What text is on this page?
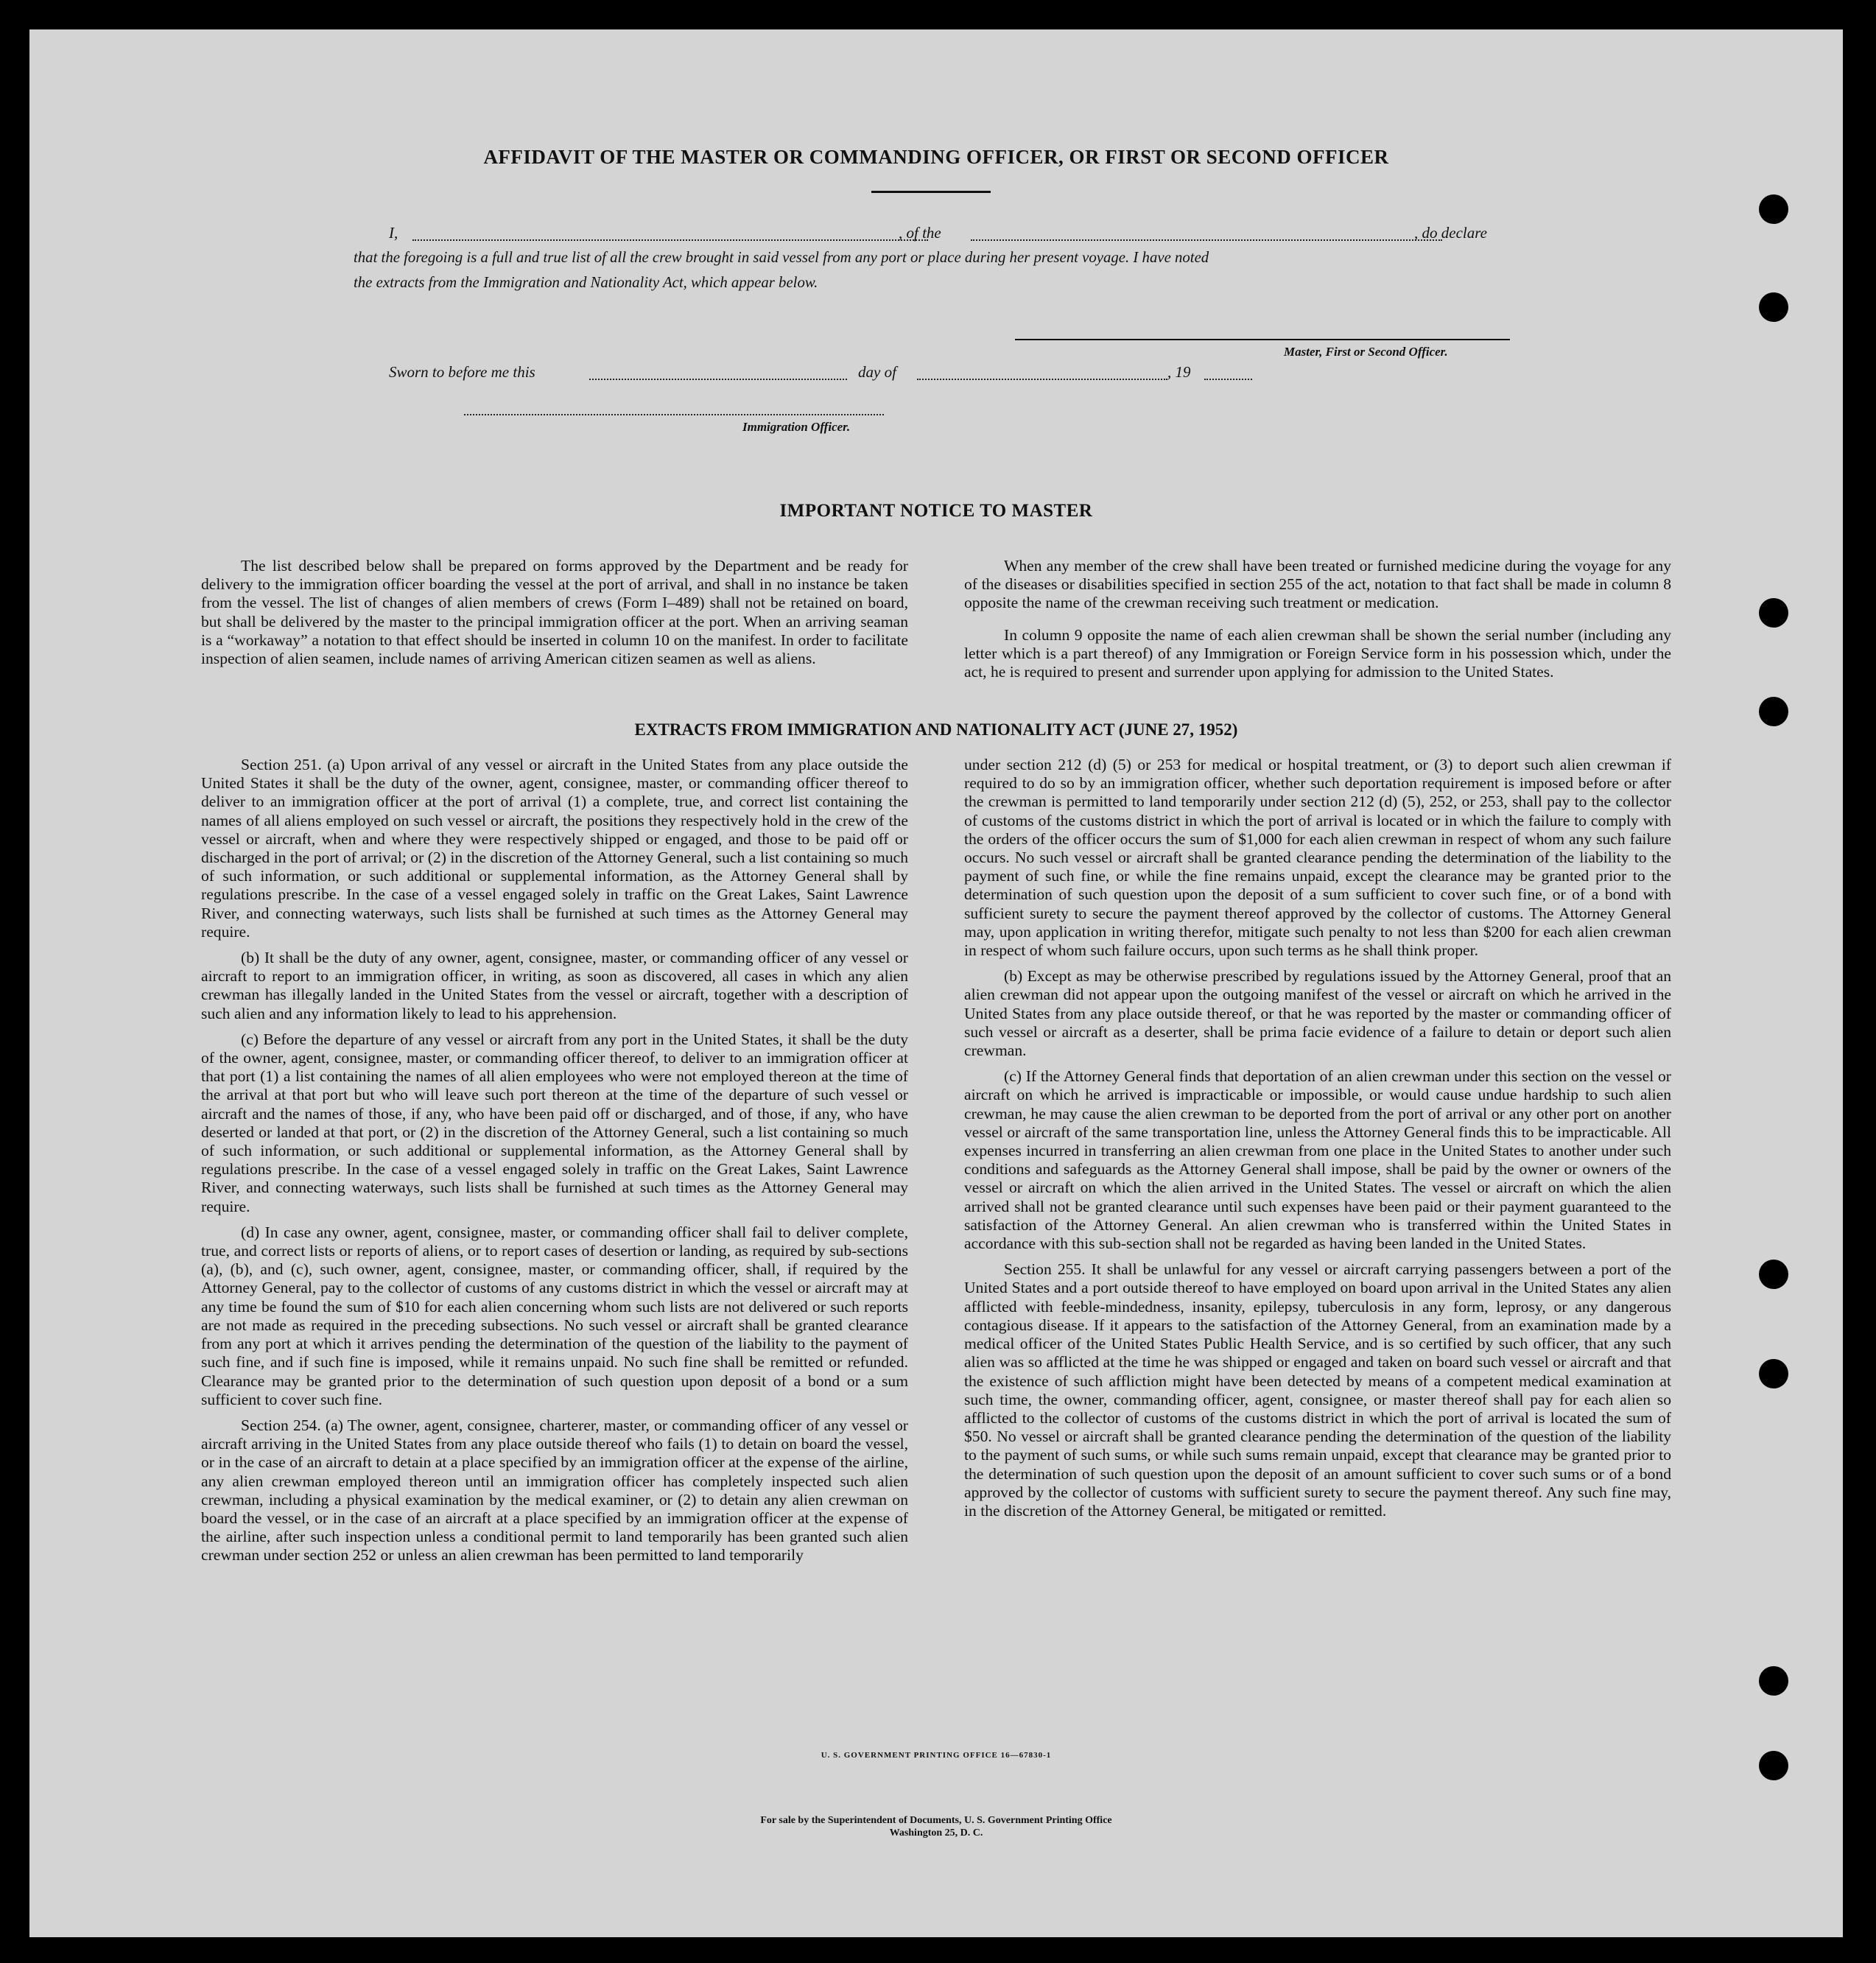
AFFIDAVIT OF THE MASTER OR COMMANDING OFFICER, OR FIRST OR SECOND OFFICER
I,	, of the	, do declare
that the foregoing is a full and true list of all the crew brought in said vessel from any port or place during her present voyage. I have noted
the extracts from the Immigration and Nationality Act, which appear below.
Master, First or Second Officer.
Sworn to before me this	day of	, 19
Immigration Officer.
IMPORTANT NOTICE TO MASTER

The list described below shall be prepared on forms approved by the Department and be ready for delivery to the immigration officer boarding the vessel at the port of arrival, and shall in no instance be taken from the vessel. The list of changes of alien members of crews (Form I–489) shall not be retained on board, but shall be delivered by the master to the principal immigration officer at the port. When an arriving seaman is a “workaway” a notation to that effect should be inserted in column 10 on the manifest. In order to facilitate inspection of alien seamen, include names of arriving American citizen seamen as well as aliens.

When any member of the crew shall have been treated or furnished medicine during the voyage for any of the diseases or disabilities specified in section 255 of the act, notation to that fact shall be made in column 8 opposite the name of the crewman receiving such treatment or medication.

In column 9 opposite the name of each alien crewman shall be shown the serial number (including any letter which is a part thereof) of any Immigration or Foreign Service form in his possession which, under the act, he is required to present and surrender upon applying for admission to the United States.

EXTRACTS FROM IMMIGRATION AND NATIONALITY ACT (JUNE 27, 1952)

Section 251. (a) Upon arrival of any vessel or aircraft in the United States from any place outside the United States it shall be the duty of the owner, agent, consignee, master, or commanding officer thereof to deliver to an immigration officer at the port of arrival (1) a complete, true, and correct list containing the names of all aliens employed on such vessel or aircraft, the positions they respectively hold in the crew of the vessel or aircraft, when and where they were respectively shipped or engaged, and those to be paid off or discharged in the port of arrival; or (2) in the discretion of the Attorney General, such a list containing so much of such information, or such additional or supplemental information, as the Attorney General shall by regulations prescribe. In the case of a vessel engaged solely in traffic on the Great Lakes, Saint Lawrence River, and connecting waterways, such lists shall be furnished at such times as the Attorney General may require.

(b) It shall be the duty of any owner, agent, consignee, master, or commanding officer of any vessel or aircraft to report to an immigration officer, in writing, as soon as discovered, all cases in which any alien crewman has illegally landed in the United States from the vessel or aircraft, together with a description of such alien and any information likely to lead to his apprehension.

(c) Before the departure of any vessel or aircraft from any port in the United States, it shall be the duty of the owner, agent, consignee, master, or commanding officer thereof, to deliver to an immigration officer at that port (1) a list containing the names of all alien employees who were not employed thereon at the time of the arrival at that port but who will leave such port thereon at the time of the departure of such vessel or aircraft and the names of those, if any, who have been paid off or discharged, and of those, if any, who have deserted or landed at that port, or (2) in the discretion of the Attorney General, such a list containing so much of such information, or such additional or supplemental information, as the Attorney General shall by regulations prescribe. In the case of a vessel engaged solely in traffic on the Great Lakes, Saint Lawrence River, and connecting waterways, such lists shall be furnished at such times as the Attorney General may require.

(d) In case any owner, agent, consignee, master, or commanding officer shall fail to deliver complete, true, and correct lists or reports of aliens, or to report cases of desertion or landing, as required by sub-sections (a), (b), and (c), such owner, agent, consignee, master, or commanding officer, shall, if required by the Attorney General, pay to the collector of customs of any customs district in which the vessel or aircraft may at any time be found the sum of $10 for each alien concerning whom such lists are not delivered or such reports are not made as required in the preceding subsections. No such vessel or aircraft shall be granted clearance from any port at which it arrives pending the determination of the question of the liability to the payment of such fine, and if such fine is imposed, while it remains unpaid. No such fine shall be remitted or refunded. Clearance may be granted prior to the determination of such question upon deposit of a bond or a sum sufficient to cover such fine.

Section 254. (a) The owner, agent, consignee, charterer, master, or commanding officer of any vessel or aircraft arriving in the United States from any place outside thereof who fails (1) to detain on board the vessel, or in the case of an aircraft to detain at a place specified by an immigration officer at the expense of the airline, any alien crewman employed thereon until an immigration officer has completely inspected such alien crewman, including a physical examination by the medical examiner, or (2) to detain any alien crewman on board the vessel, or in the case of an aircraft at a place specified by an immigration officer at the expense of the airline, after such inspection unless a conditional permit to land temporarily has been granted such alien crewman under section 252 or unless an alien crewman has been permitted to land temporarily

under section 212 (d) (5) or 253 for medical or hospital treatment, or (3) to deport such alien crewman if required to do so by an immigration officer, whether such deportation requirement is imposed before or after the crewman is permitted to land temporarily under section 212 (d) (5), 252, or 253, shall pay to the collector of customs of the customs district in which the port of arrival is located or in which the failure to comply with the orders of the officer occurs the sum of $1,000 for each alien crewman in respect of whom any such failure occurs. No such vessel or aircraft shall be granted clearance pending the determination of the liability to the payment of such fine, or while the fine remains unpaid, except the clearance may be granted prior to the determination of such question upon the deposit of a sum sufficient to cover such fine, or of a bond with sufficient surety to secure the payment thereof approved by the collector of customs. The Attorney General may, upon application in writing therefor, mitigate such penalty to not less than $200 for each alien crewman in respect of whom such failure occurs, upon such terms as he shall think proper.

(b) Except as may be otherwise prescribed by regulations issued by the Attorney General, proof that an alien crewman did not appear upon the outgoing manifest of the vessel or aircraft on which he arrived in the United States from any place outside thereof, or that he was reported by the master or commanding officer of such vessel or aircraft as a deserter, shall be prima facie evidence of a failure to detain or deport such alien crewman.

(c) If the Attorney General finds that deportation of an alien crewman under this section on the vessel or aircraft on which he arrived is impracticable or impossible, or would cause undue hardship to such alien crewman, he may cause the alien crewman to be deported from the port of arrival or any other port on another vessel or aircraft of the same transportation line, unless the Attorney General finds this to be impracticable. All expenses incurred in transferring an alien crewman from one place in the United States to another under such conditions and safeguards as the Attorney General shall impose, shall be paid by the owner or owners of the vessel or aircraft on which the alien arrived in the United States. The vessel or aircraft on which the alien arrived shall not be granted clearance until such expenses have been paid or their payment guaranteed to the satisfaction of the Attorney General. An alien crewman who is transferred within the United States in accordance with this sub-section shall not be regarded as having been landed in the United States.

Section 255. It shall be unlawful for any vessel or aircraft carrying passengers between a port of the United States and a port outside thereof to have employed on board upon arrival in the United States any alien afflicted with feeble-mindedness, insanity, epilepsy, tuberculosis in any form, leprosy, or any dangerous contagious disease. If it appears to the satisfaction of the Attorney General, from an examination made by a medical officer of the United States Public Health Service, and is so certified by such officer, that any such alien was so afflicted at the time he was shipped or engaged and taken on board such vessel or aircraft and that the existence of such affliction might have been detected by means of a competent medical examination at such time, the owner, commanding officer, agent, consignee, or master thereof shall pay for each alien so afflicted to the collector of customs of the customs district in which the port of arrival is located the sum of $50. No vessel or aircraft shall be granted clearance pending the determination of the question of the liability to the payment of such sums, or while such sums remain unpaid, except that clearance may be granted prior to the determination of such question upon the deposit of an amount sufficient to cover such sums or of a bond approved by the collector of customs with sufficient surety to secure the payment thereof. Any such fine may, in the discretion of the Attorney General, be mitigated or remitted.

U. S. GOVERNMENT PRINTING OFFICE 16—67830-1
For sale by the Superintendent of Documents, U. S. Government Printing Office
Washington 25, D. C.
